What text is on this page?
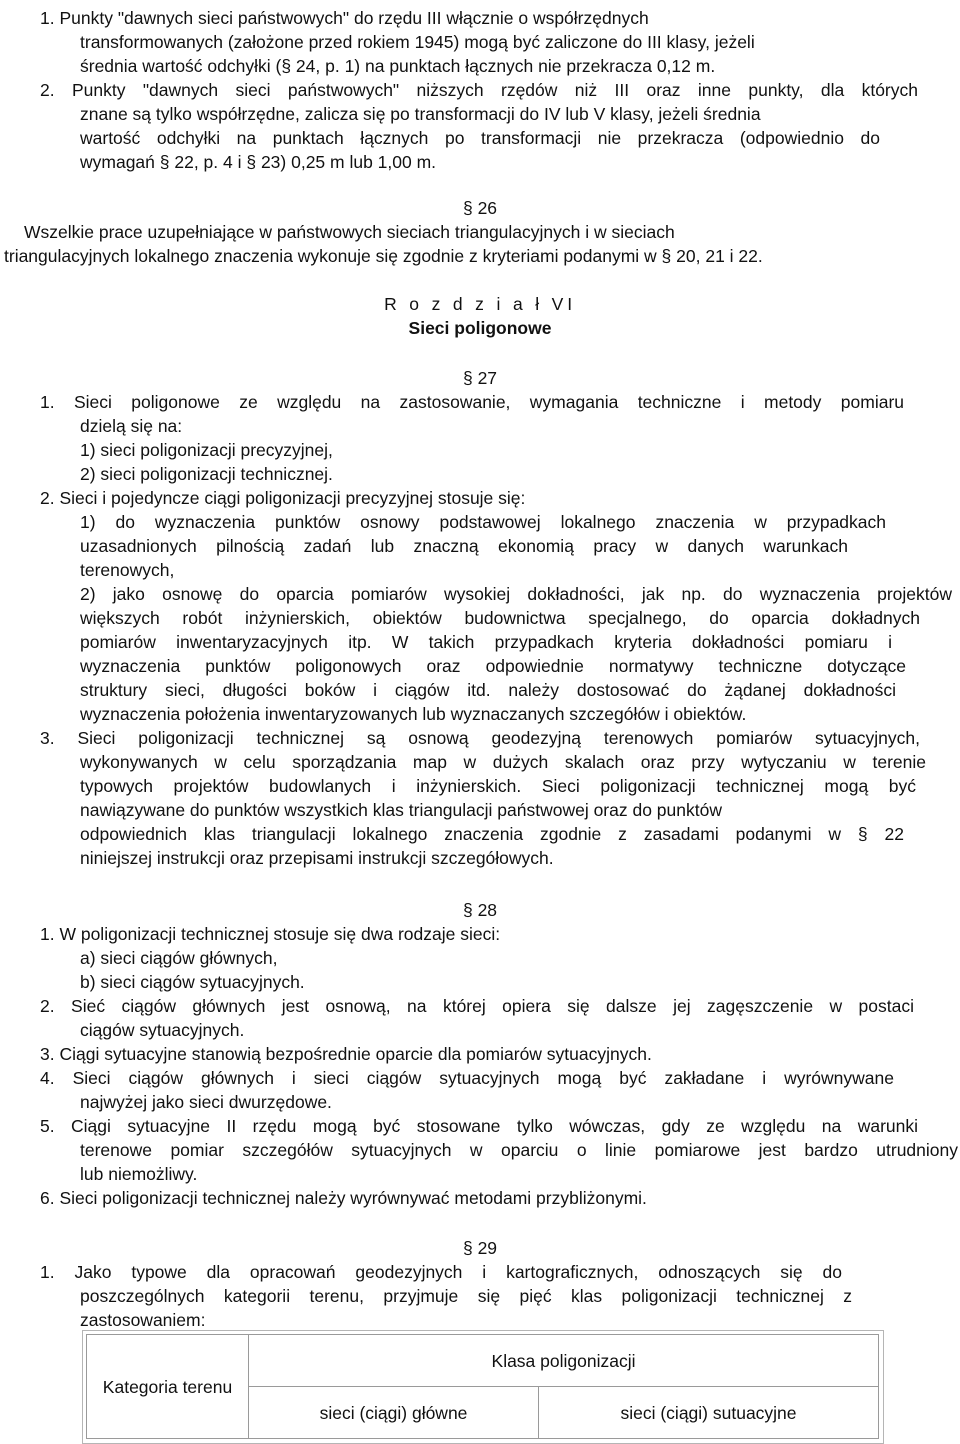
1. Punkty "dawnych sieci państwowych" do rzędu III włącznie o współrzędnych
transformowanych (założone przed rokiem 1945) mogą być zaliczone do III klasy, jeżeli
średnia wartość odchyłki (§ 24, p. 1) na punktach łącznych nie przekracza 0,12 m.
2. Punkty "dawnych sieci państwowych" niższych rzędów niż III oraz inne punkty, dla których
znane są tylko współrzędne, zalicza się po transformacji do IV lub V klasy, jeżeli średnia
wartość odchyłki na punktach łącznych po transformacji nie przekracza (odpowiednio do
wymagań § 22, p. 4 i § 23) 0,25 m lub 1,00 m.
§ 26
Wszelkie prace uzupełniające w państwowych sieciach triangulacyjnych i w sieciach
triangulacyjnych lokalnego znaczenia wykonuje się zgodnie z kryteriami podanymi w § 20, 21 i 22.
R o z d z i a ł VI
Sieci poligonowe
§ 27
1. Sieci poligonowe ze względu na zastosowanie, wymagania techniczne i metody pomiaru
dzielą się na:
1) sieci poligonizacji precyzyjnej,
2) sieci poligonizacji technicznej.
2. Sieci i pojedyncze ciągi poligonizacji precyzyjnej stosuje się:
1) do wyznaczenia punktów osnowy podstawowej lokalnego znaczenia w przypadkach
uzasadnionych pilnością zadań lub znaczną ekonomią pracy w danych warunkach
terenowych,
2) jako osnowę do oparcia pomiarów wysokiej dokładności, jak np. do wyznaczenia projektów
większych robót inżynierskich, obiektów budownictwa specjalnego, do oparcia dokładnych
pomiarów inwentaryzacyjnych itp. W takich przypadkach kryteria dokładności pomiaru i
wyznaczenia punktów poligonowych oraz odpowiednie normatywy techniczne dotyczące
struktury sieci, długości boków i ciągów itd. należy dostosować do żądanej dokładności
wyznaczenia położenia inwentaryzowanych lub wyznaczanych szczegółów i obiektów.
3. Sieci poligonizacji technicznej są osnową geodezyjną terenowych pomiarów sytuacyjnych,
wykonywanych w celu sporządzania map w dużych skalach oraz przy wytyczaniu w terenie
typowych projektów budowlanych i inżynierskich. Sieci poligonizacji technicznej mogą być
nawiązywane do punktów wszystkich klas triangulacji państwowej oraz do punktów
odpowiednich klas triangulacji lokalnego znaczenia zgodnie z zasadami podanymi w § 22
niniejszej instrukcji oraz przepisami instrukcji szczegółowych.
§ 28
1. W poligonizacji technicznej stosuje się dwa rodzaje sieci:
a) sieci ciągów głównych,
b) sieci ciągów sytuacyjnych.
2. Sieć ciągów głównych jest osnową, na której opiera się dalsze jej zagęszczenie w postaci
ciągów sytuacyjnych.
3. Ciągi sytuacyjne stanowią bezpośrednie oparcie dla pomiarów sytuacyjnych.
4. Sieci ciągów głównych i sieci ciągów sytuacyjnych mogą być zakładane i wyrównywane
najwyżej jako sieci dwurzędowe.
5. Ciągi sytuacyjne II rzędu mogą być stosowane tylko wówczas, gdy ze względu na warunki
terenowe pomiar szczegółów sytuacyjnych w oparciu o linie pomiarowe jest bardzo utrudniony
lub niemożliwy.
6. Sieci poligonizacji technicznej należy wyrównywać metodami przybliżonymi.
§ 29
1. Jako typowe dla opracowań geodezyjnych i kartograficznych, odnoszących się do
poszczególnych kategorii terenu, przyjmuje się pięć klas poligonizacji technicznej z
zastosowaniem:
Kategoria terenu	Klasa poligonizacji	
	sieci (ciągi) główne	sieci (ciągi) sutuacyjne
